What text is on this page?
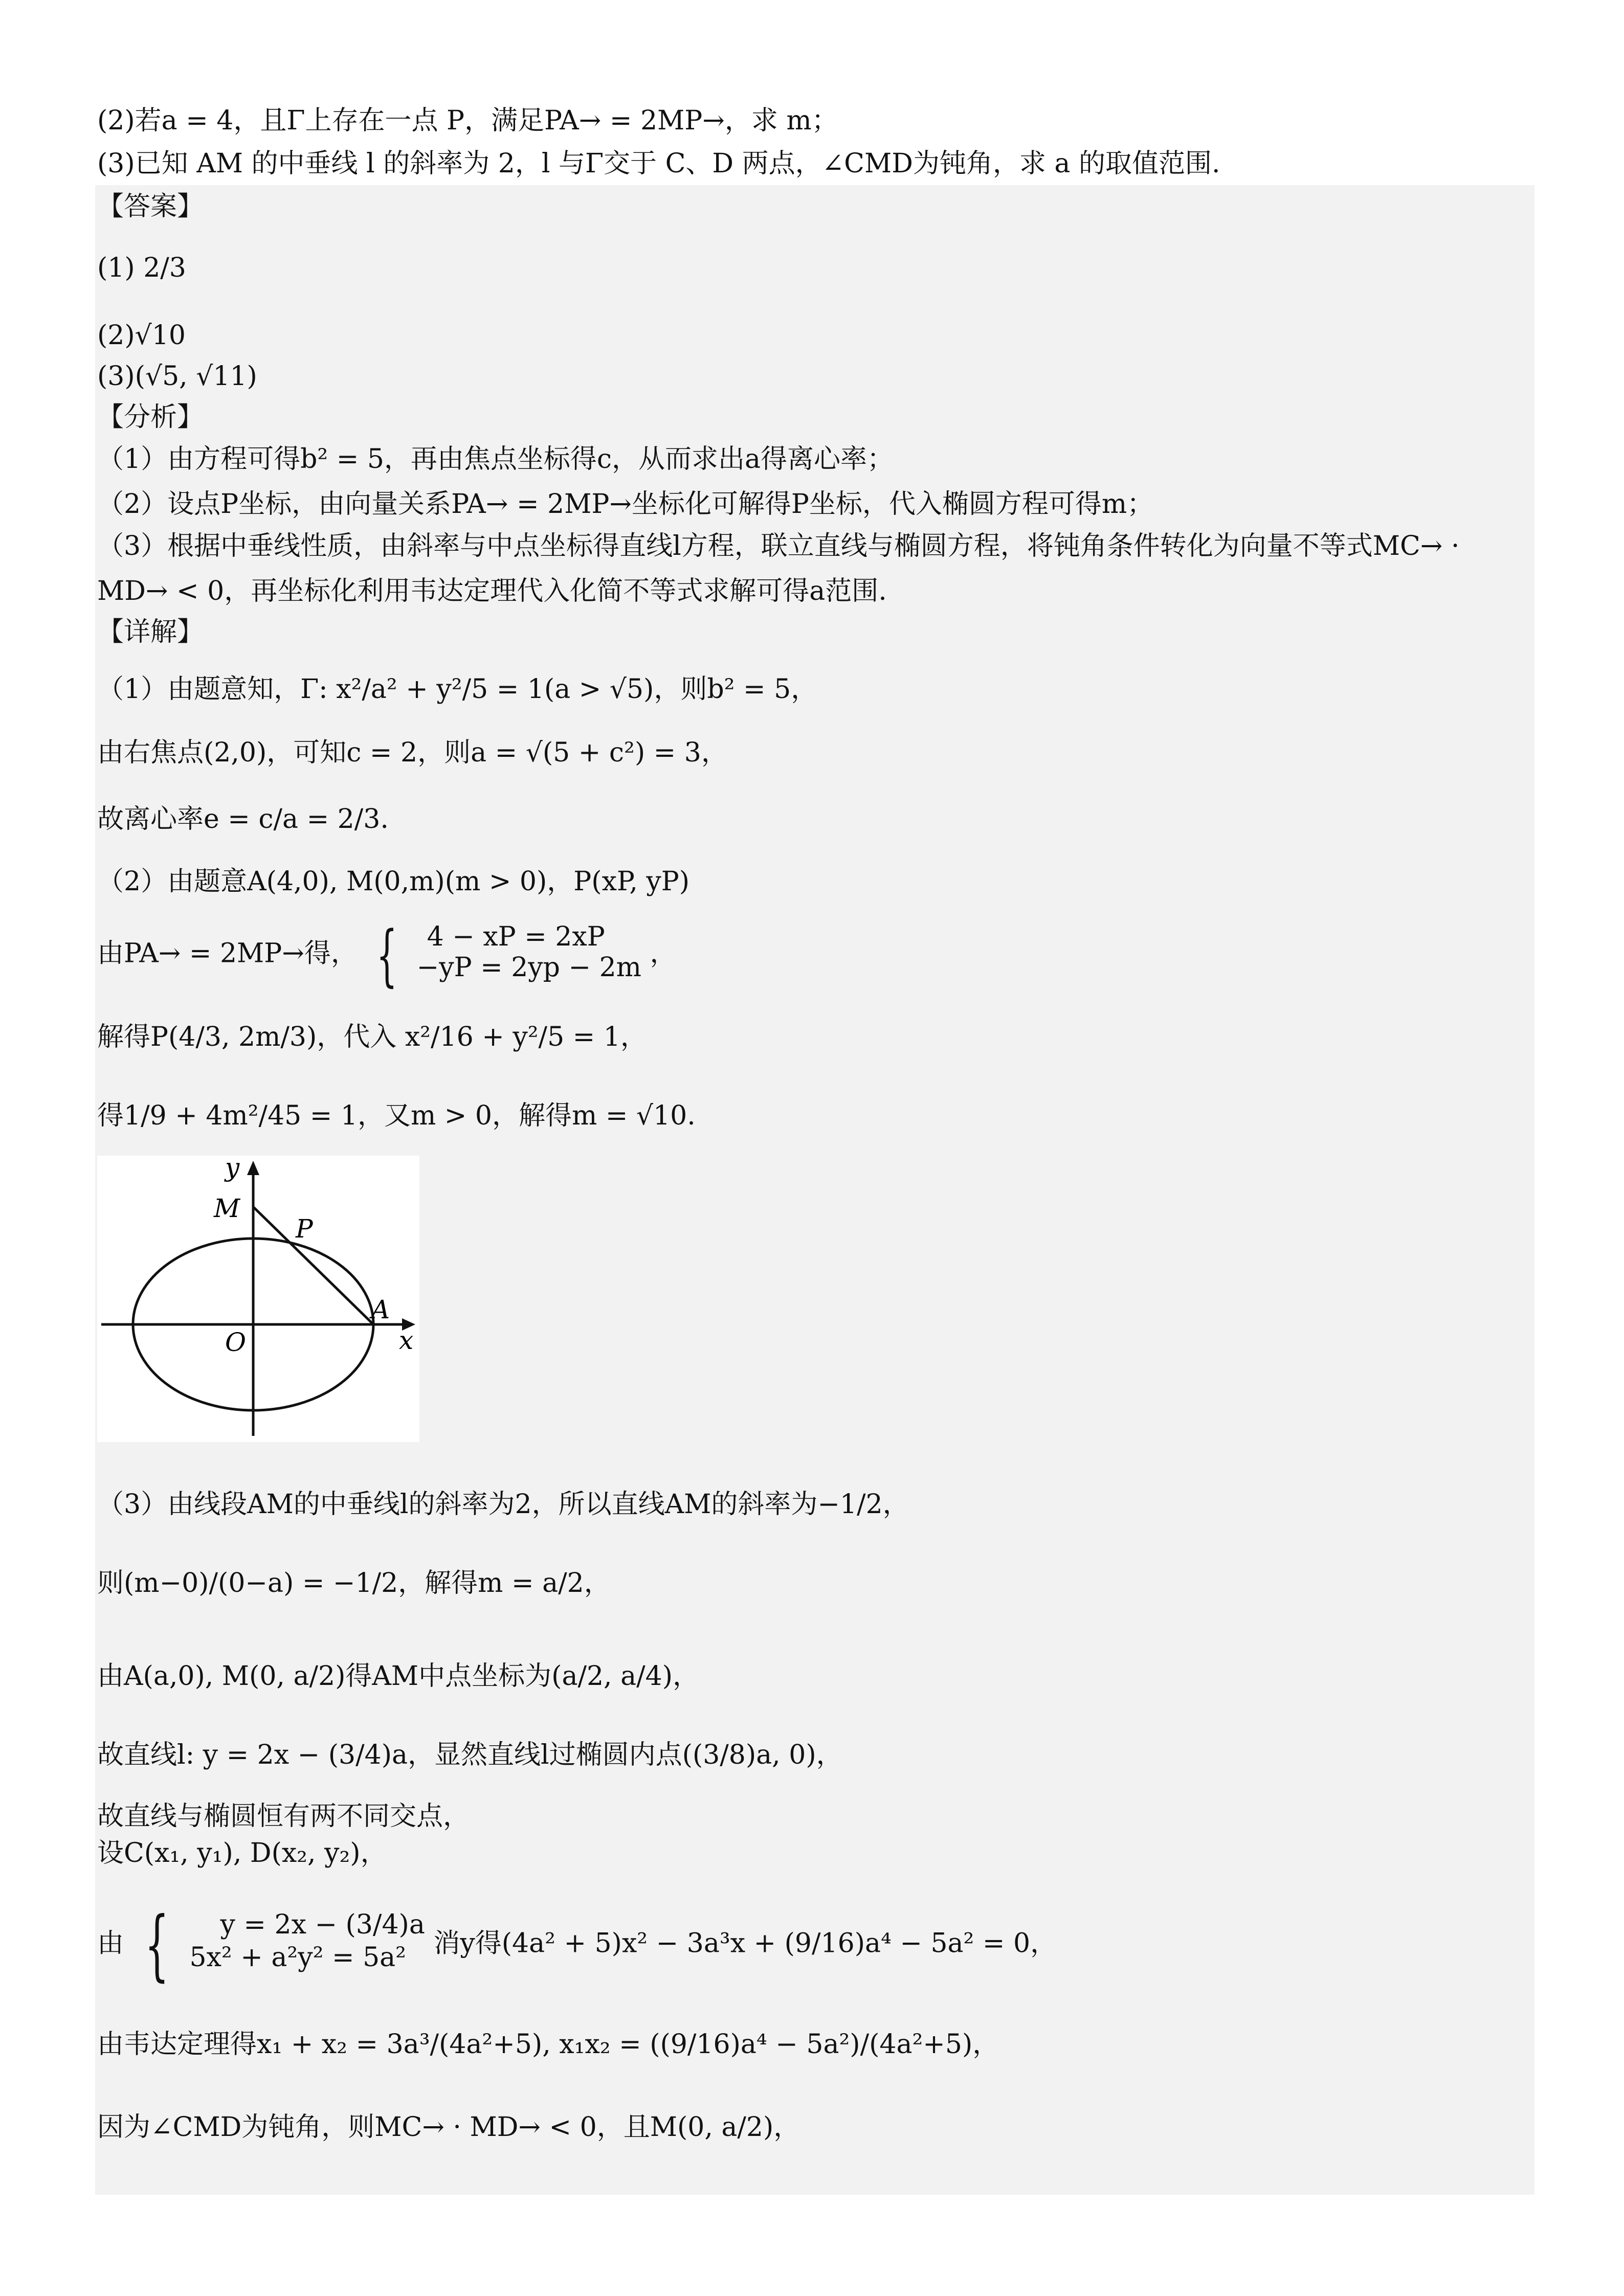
(2)若a = 4，且Γ上存在一点 P，满足PA→ = 2MP→，求 m；
(3)已知 AM 的中垂线 l 的斜率为 2，l 与Γ交于 C、D 两点，∠CMD为钝角，求 a 的取值范围.
【答案】
(1) 2/3
(2)√10
(3)(√5, √11)
【分析】
（1）由方程可得b² = 5，再由焦点坐标得c，从而求出a得离心率；
（2）设点P坐标，由向量关系PA→ = 2MP→坐标化可解得P坐标，代入椭圆方程可得m；
（3）根据中垂线性质，由斜率与中点坐标得直线l方程，联立直线与椭圆方程，将钝角条件转化为向量不等式MC→ ·
MD→ < 0，再坐标化利用韦达定理代入化简不等式求解可得a范围.
【详解】
（1）由题意知，Γ: x²/a² + y²/5 = 1(a > √5)，则b² = 5，
由右焦点(2,0)，可知c = 2，则a = √(5 + c²) = 3，
故离心率e = c/a = 2/3.
（2）由题意A(4,0), M(0,m)(m > 0)，P(xP, yP)
由PA→ = 2MP→得， {	4 − xP = 2xP
−yP = 2yp − 2m ，
解得P(4/3, 2m/3)，代入 x²/16 + y²/5 = 1，
得1/9 + 4m²/45 = 1，又m > 0，解得m = √10.
y
M
P
A
x
O
（3）由线段AM的中垂线l的斜率为2，所以直线AM的斜率为−1/2，
则(m−0)/(0−a) = −1/2，解得m = a/2，
由A(a,0), M(0, a/2)得AM中点坐标为(a/2, a/4)，
故直线l: y = 2x − (3/4)a，显然直线l过椭圆内点((3/8)a, 0)，
故直线与椭圆恒有两不同交点，
设C(x₁, y₁), D(x₂, y₂)，
由 {	y = 2x − (3/4)a
5x² + a²y² = 5a²	消y得(4a² + 5)x² − 3a³x + (9/16)a⁴ − 5a² = 0，
由韦达定理得x₁ + x₂ = 3a³/(4a²+5), x₁x₂ = ((9/16)a⁴ − 5a²)/(4a²+5)，
因为∠CMD为钝角，则MC→ · MD→ < 0，且M(0, a/2)，
